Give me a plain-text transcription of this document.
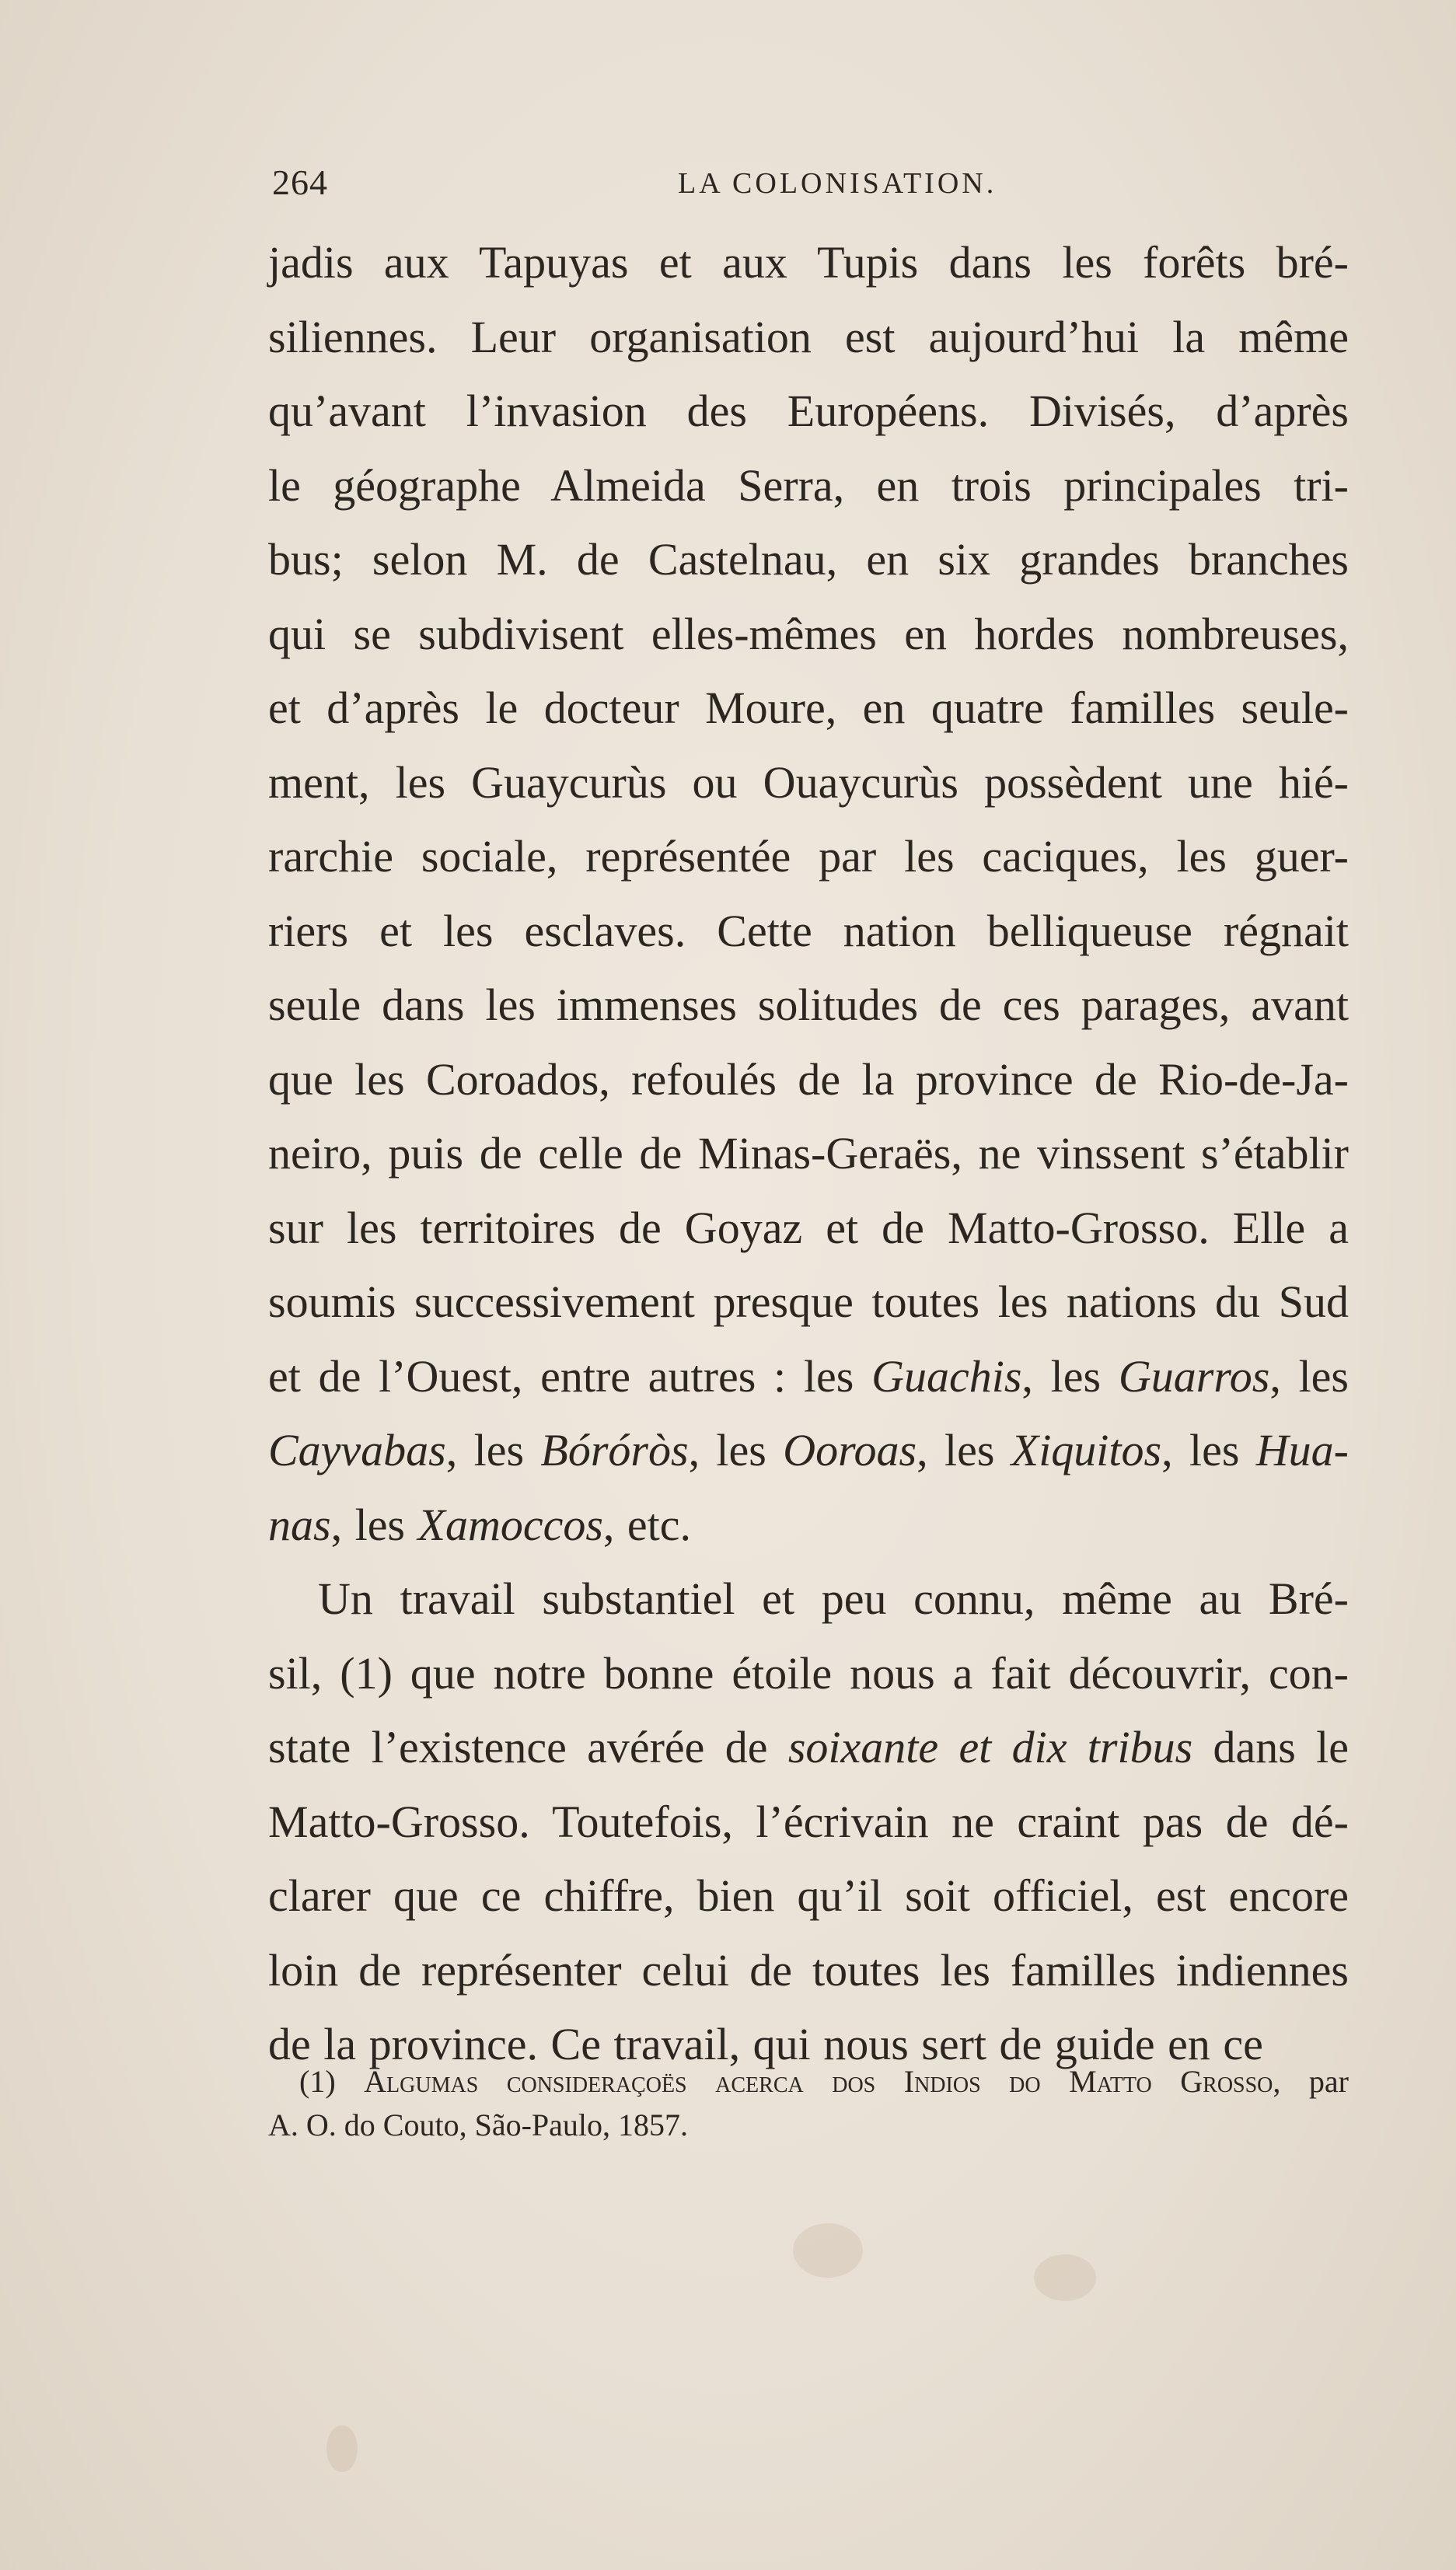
264	LA COLONISATION.
jadis aux Tapuyas et aux Tupis dans les forêts bré-
siliennes. Leur organisation est aujourd’hui la même
qu’avant l’invasion des Européens. Divisés, d’après
le géographe Almeida Serra, en trois principales tri-
bus; selon M. de Castelnau, en six grandes branches
qui se subdivisent elles-mêmes en hordes nombreuses,
et d’après le docteur Moure, en quatre familles seule-
ment, les Guaycurùs ou Ouaycurùs possèdent une hié-
rarchie sociale, représentée par les caciques, les guer-
riers et les esclaves. Cette nation belliqueuse régnait
seule dans les immenses solitudes de ces parages, avant
que les Coroados, refoulés de la province de Rio-de-Ja-
neiro, puis de celle de Minas-Geraës, ne vinssent s’établir
sur les territoires de Goyaz et de Matto-Grosso. Elle a
soumis successivement presque toutes les nations du Sud
et de l’Ouest, entre autres : les Guachis, les Guarros, les
Cayvabas, les Bóróròs, les Ooroas, les Xiquitos, les Hua-
nas, les Xamoccos, etc.
Un travail substantiel et peu connu, même au Bré-
sil, (1) que notre bonne étoile nous a fait découvrir, con-
state l’existence avérée de soixante et dix tribus dans le
Matto-Grosso. Toutefois, l’écrivain ne craint pas de dé-
clarer que ce chiffre, bien qu’il soit officiel, est encore
loin de représenter celui de toutes les familles indiennes
de la province. Ce travail, qui nous sert de guide en ce
(1) Algumas consideraçoës acerca dos Indios do Matto Grosso, par
A. O. do Couto, São-Paulo, 1857.
